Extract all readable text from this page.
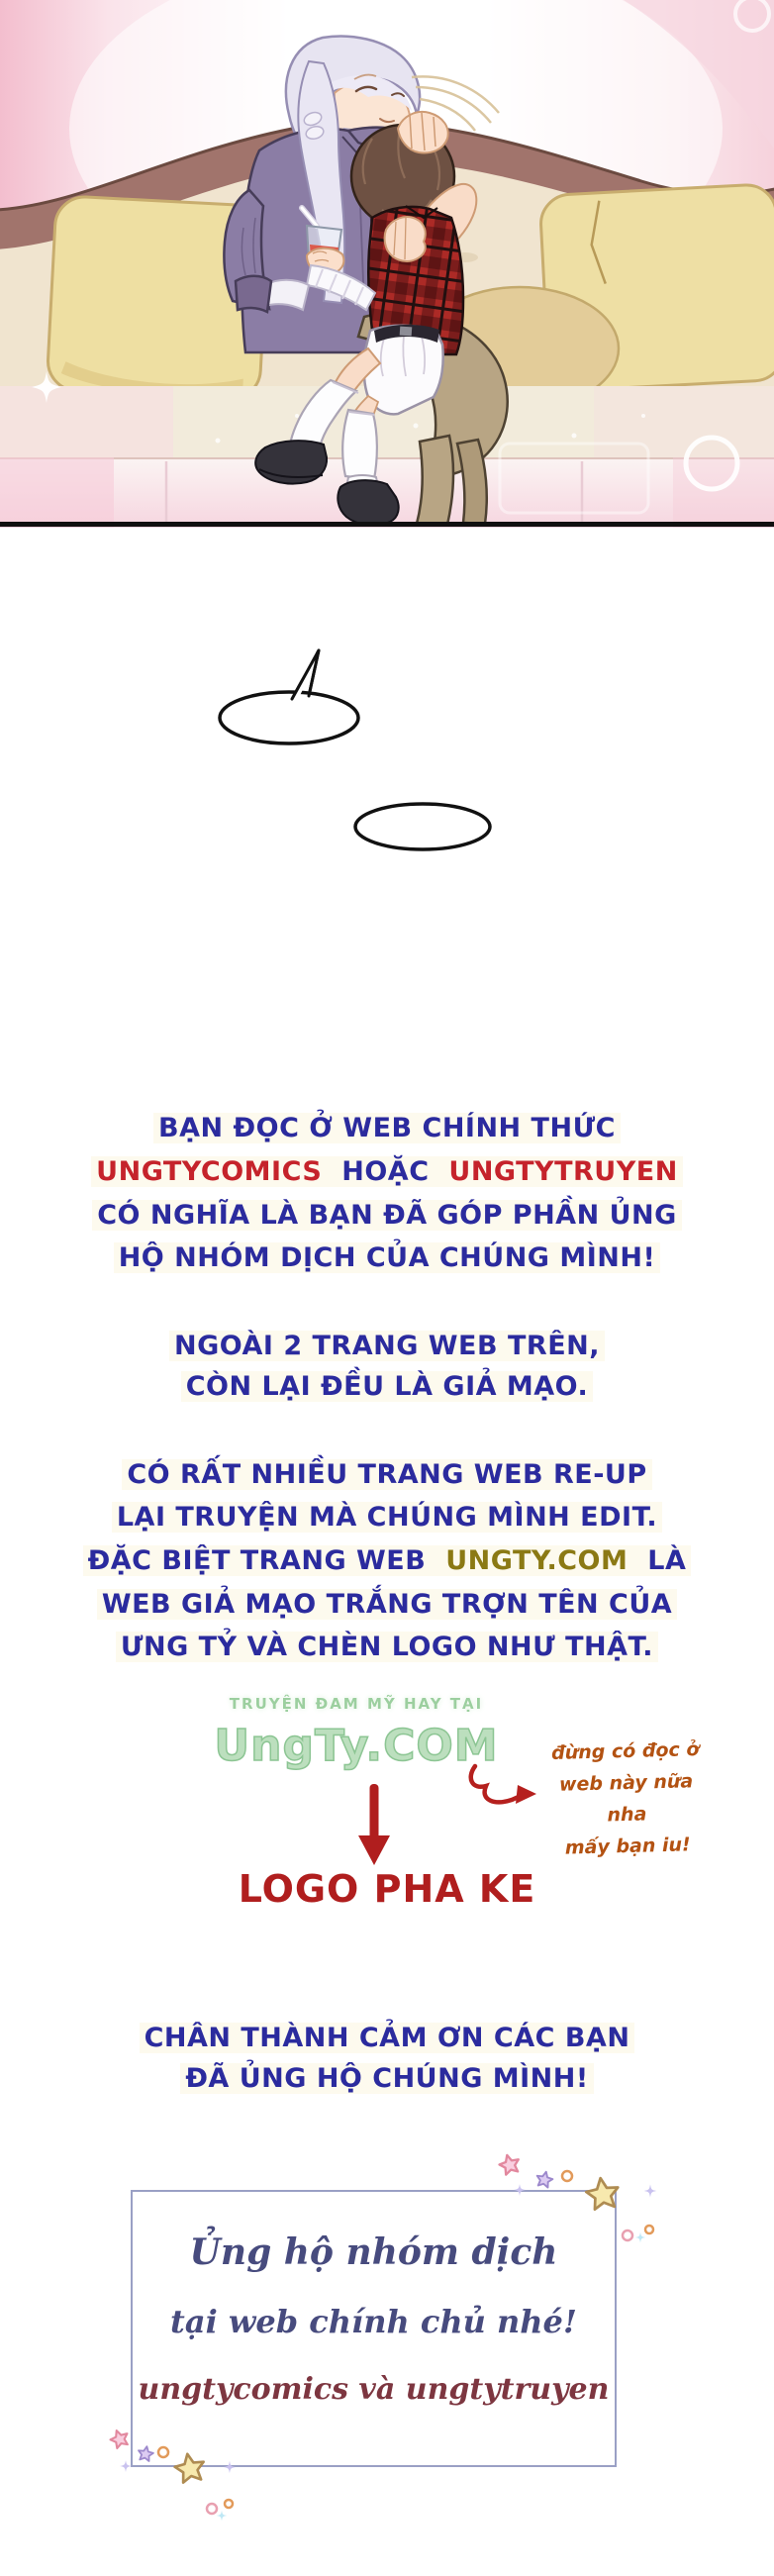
BẠN ĐỌC Ở WEB CHÍNH THỨC
UNGTYCOMICS HOẶC UNGTYTRUYEN
CÓ NGHĨA LÀ BẠN ĐÃ GÓP PHẦN ỦNG
HỘ NHÓM DỊCH CỦA CHÚNG MÌNH!
NGOÀI 2 TRANG WEB TRÊN,
CÒN LẠI ĐỀU LÀ GIẢ MẠO.
CÓ RẤT NHIỀU TRANG WEB RE-UP
LẠI TRUYỆN MÀ CHÚNG MÌNH EDIT.
ĐẶC BIỆT TRANG WEB UNGTY.COM LÀ
WEB GIẢ MẠO TRẮNG TRỢN TÊN CỦA
ƯNG TỶ VÀ CHÈN LOGO NHƯ THẬT.
TRUYỆN ĐAM MỸ HAY TẠI
UngTy.COM	đừng có đọc ở
web này nữa nha
mấy bạn iu!
LOGO PHA KE
CHÂN THÀNH CẢM ƠN CÁC BẠN
ĐÃ ỦNG HỘ CHÚNG MÌNH!
Ủng hộ nhóm dịch
tại web chính chủ nhé!
ungtycomics và ungtytruyen
